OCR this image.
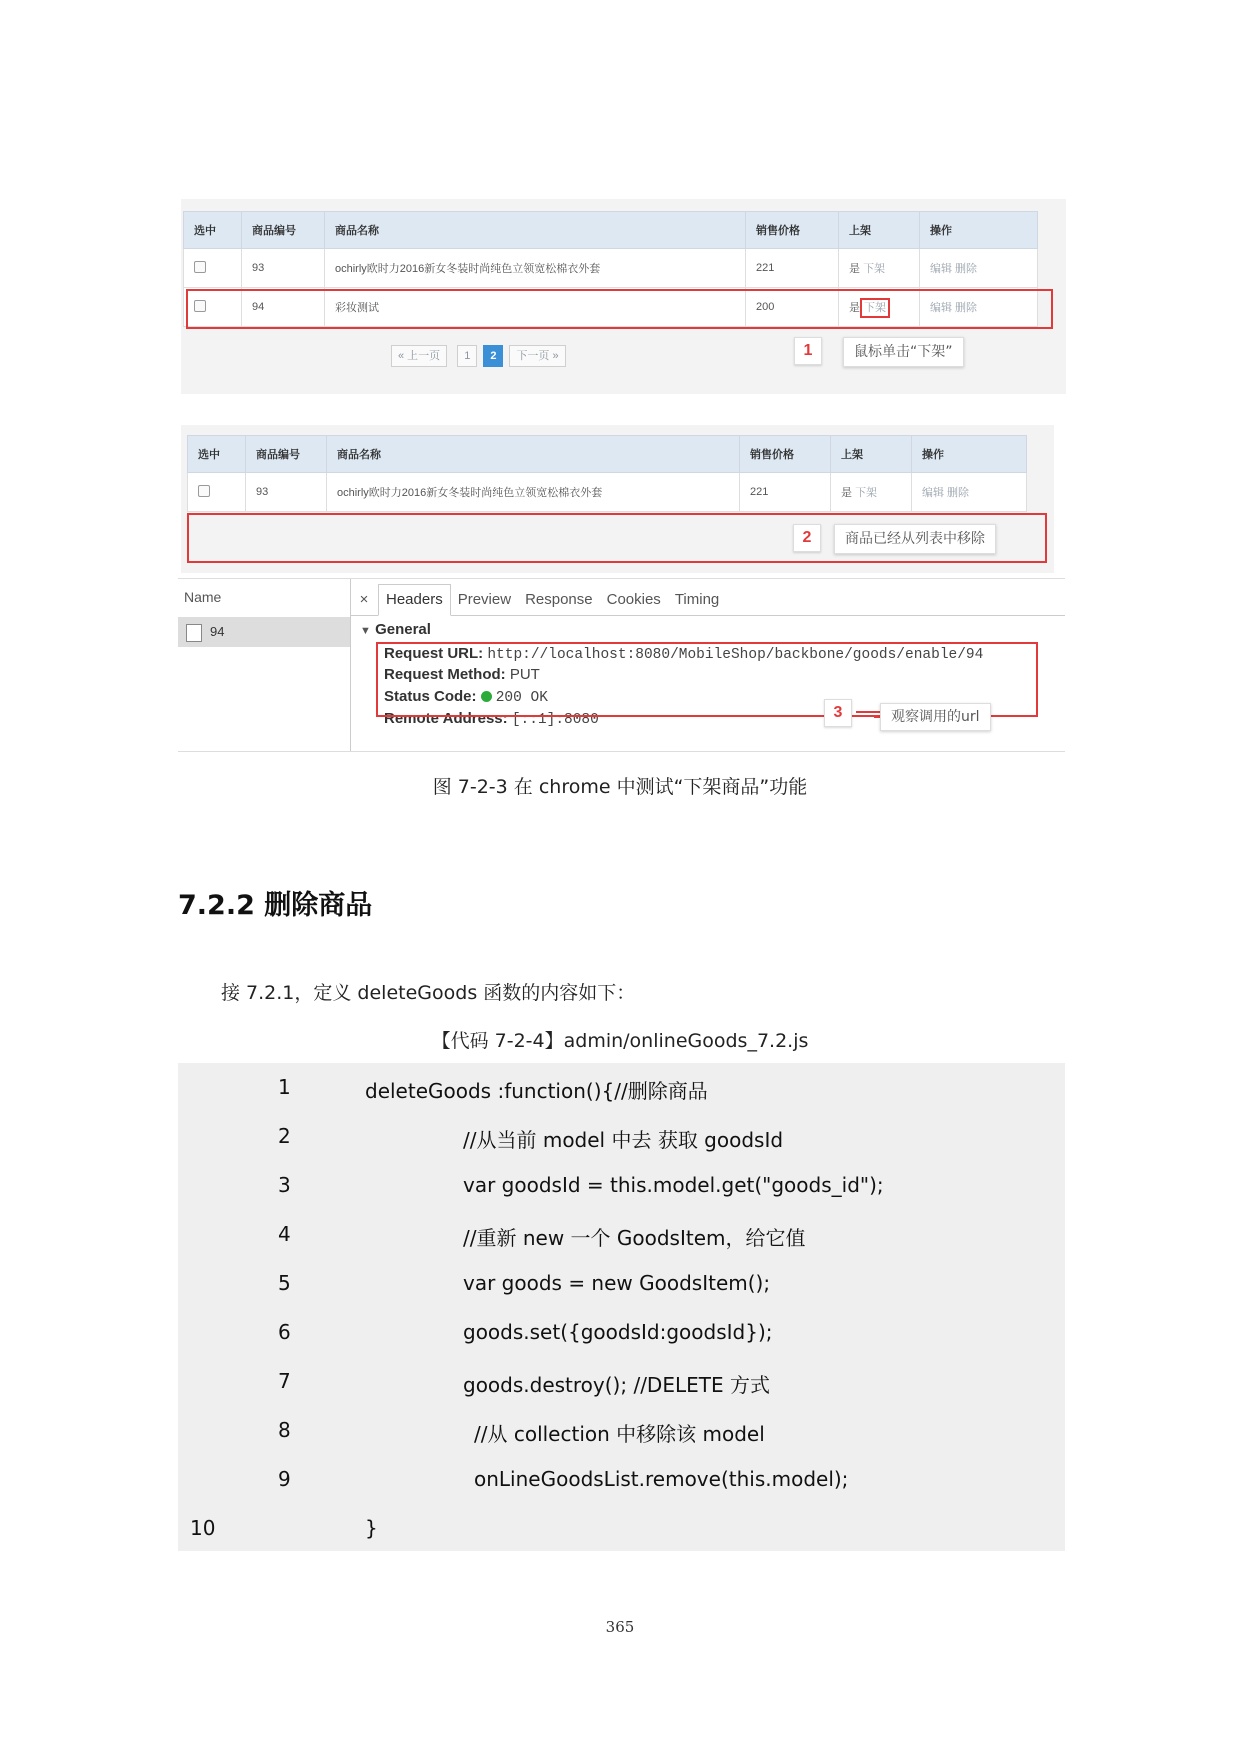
选中	商品编号	商品名称	销售价格	上架	操作
	93	ochirly欧时力2016新女冬装时尚纯色立领宽松棉衣外套	221	是 下架	编辑 删除
	94	彩妆测试	200	是 下架	编辑 删除
« 上一页	1	2	下一页 »	1	鼠标单击“下架”
选中	商品编号	商品名称	销售价格	上架	操作
	93	ochirly欧时力2016新女冬装时尚纯色立领宽松棉衣外套	221	是 下架	编辑 删除
2	商品已经从列表中移除
Name
94
×	Headers	Preview Response Cookies Timing
▼ General
Request URL: http://localhost:8080/MobileShop/backbone/goods/enable/94
Request Method: PUT
Status Code: 200 OK
Remote Address: [::1]:8080	3	观察调用的url
图 7-2-3 在 chrome 中测试“下架商品”功能
7.2.2 删除商品
接 7.2.1，定义 deleteGoods 函数的内容如下：
【代码 7-2-4】admin/onlineGoods_7.2.js
1	deleteGoods :function(){//删除商品
2	//从当前 model 中去 获取 goodsId
3	var goodsId = this.model.get("goods_id");
4	//重新 new 一个 GoodsItem，给它值
5	var goods = new GoodsItem();
6	goods.set({goodsId:goodsId});
7	goods.destroy(); //DELETE 方式
8	//从 collection 中移除该 model
9	onLineGoodsList.remove(this.model);
10	}
365
